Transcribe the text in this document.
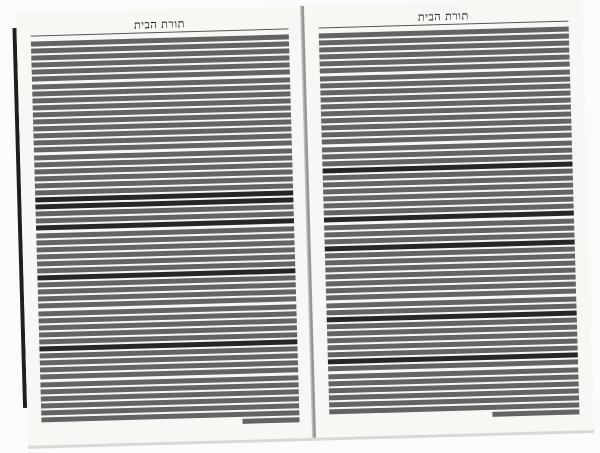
תורת הבית
תורת הבית
